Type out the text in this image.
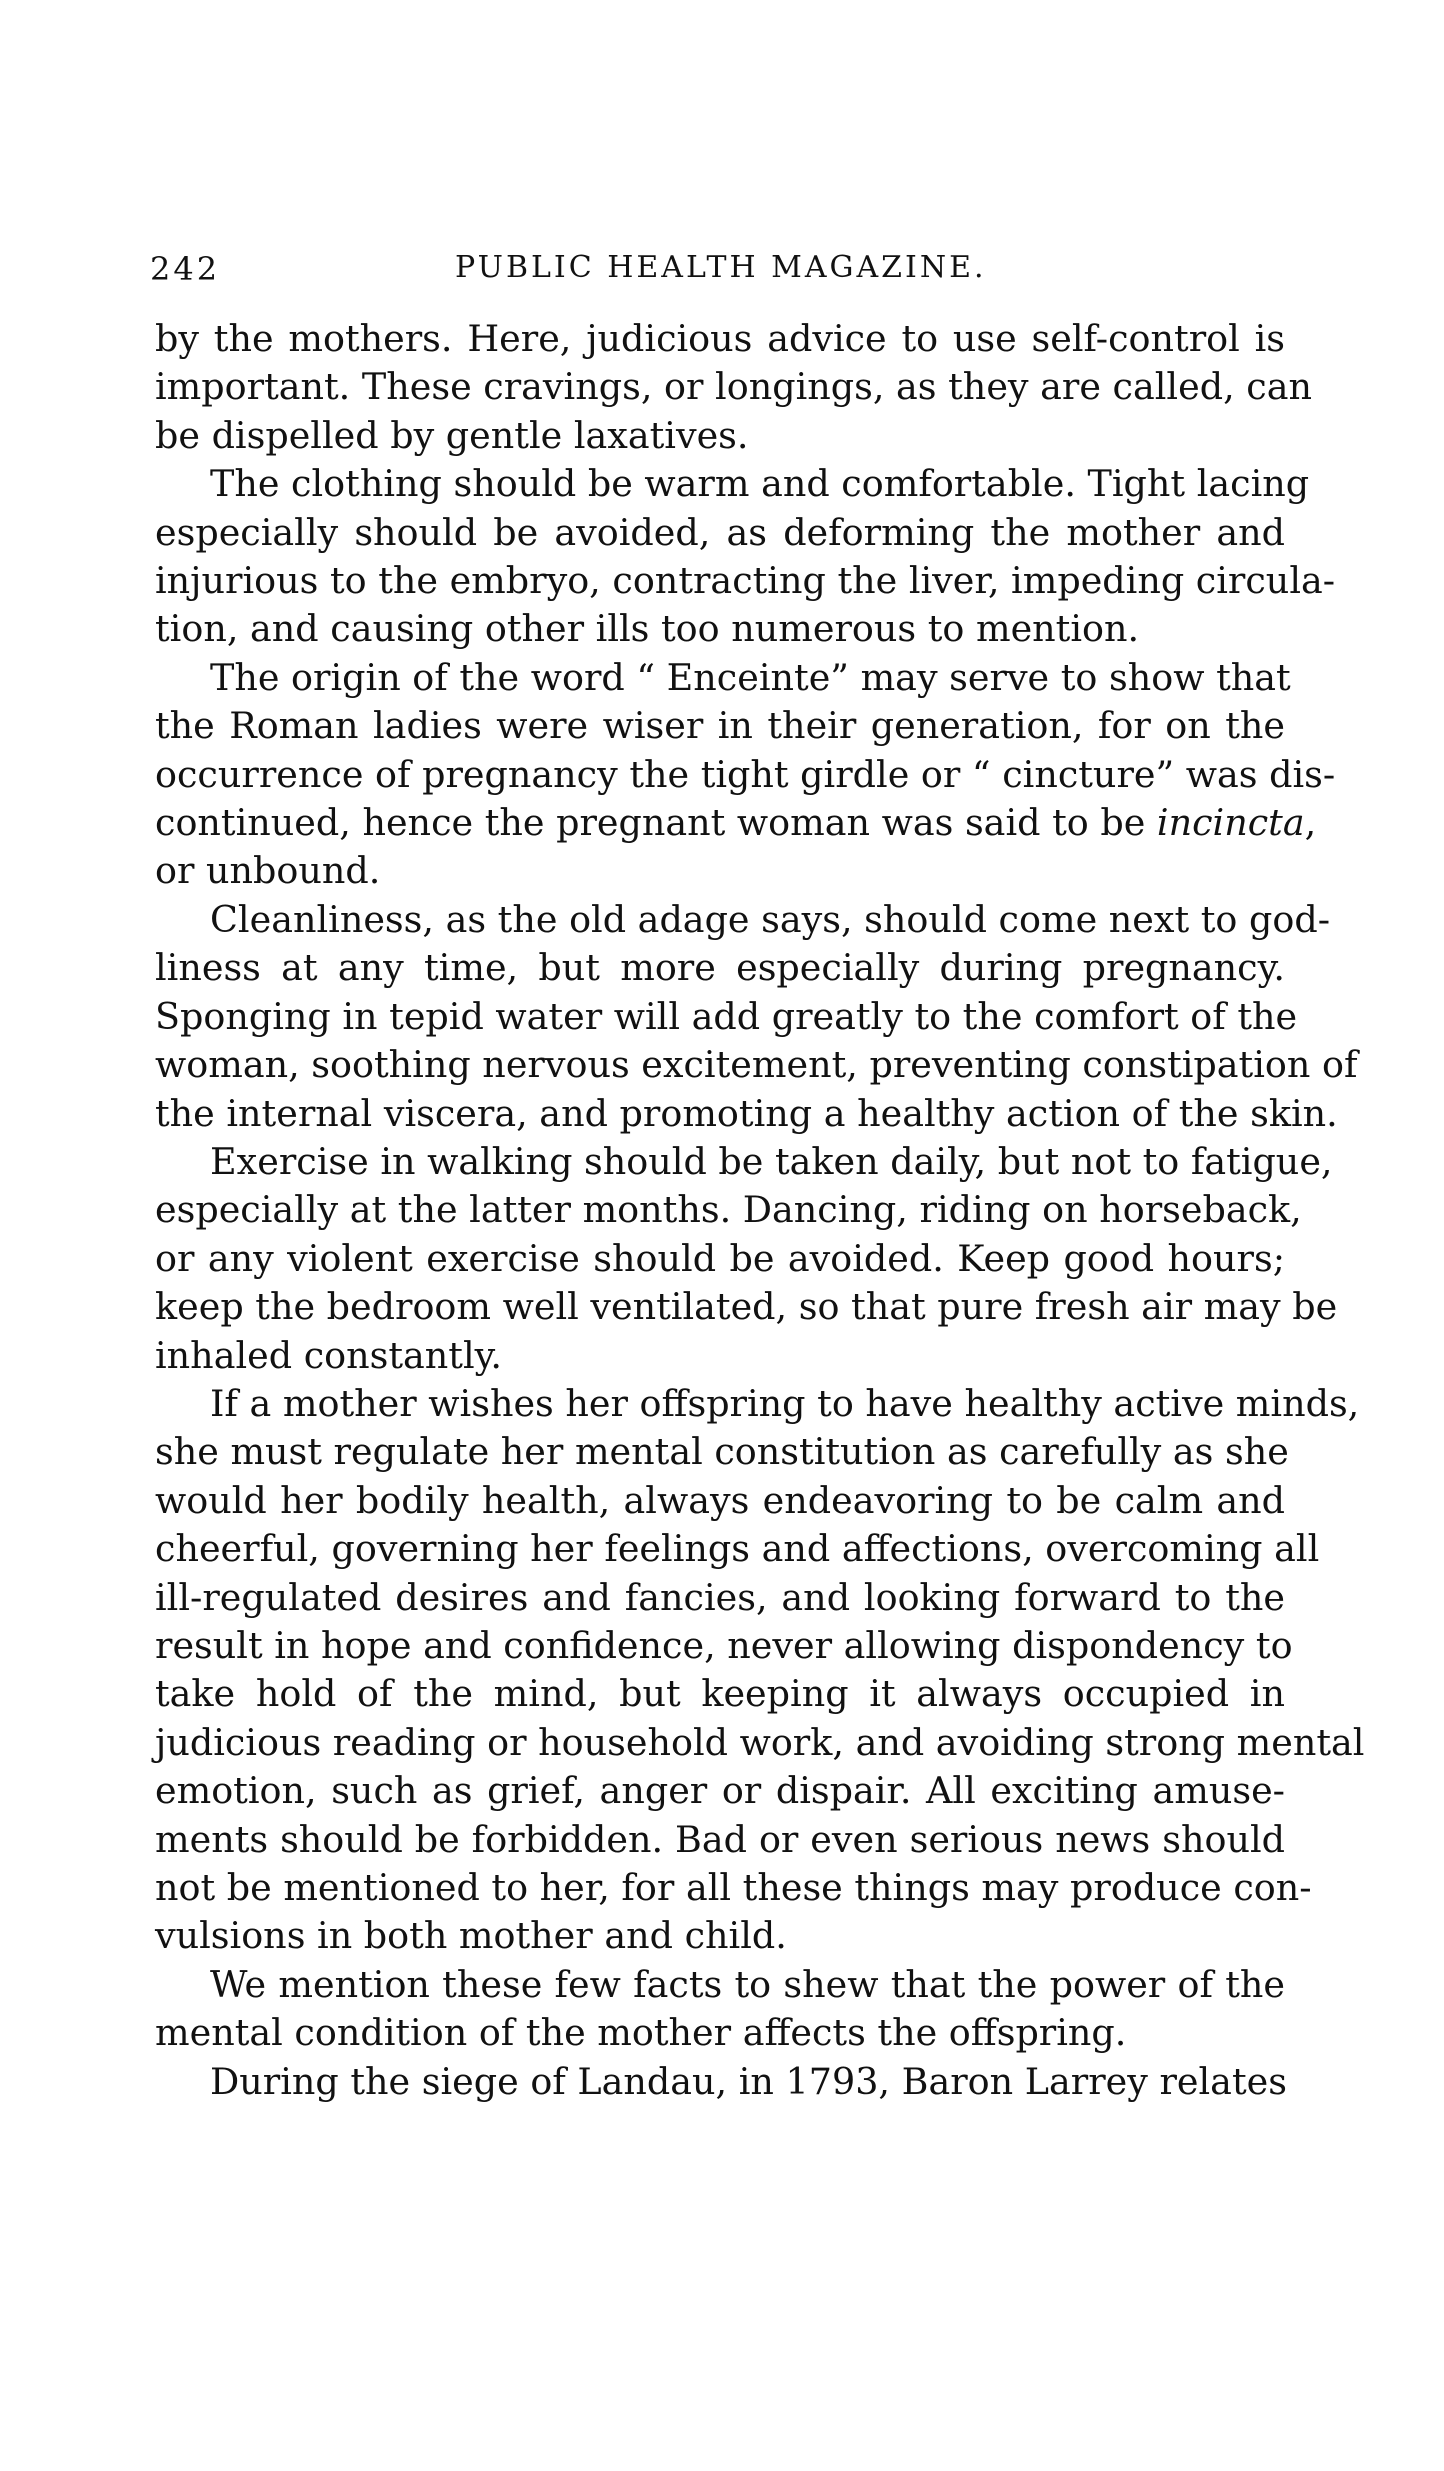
242	PUBLIC HEALTH MAGAZINE.
by the mothers. Here, judicious advice to use self-control is
important. These cravings, or longings, as they are called, can
be dispelled by gentle laxatives.
The clothing should be warm and comfortable. Tight lacing
especially should be avoided, as deforming the mother and
injurious to the embryo, contracting the liver, impeding circula-
tion, and causing other ills too numerous to mention.
The origin of the word “ Enceinte” may serve to show that
the Roman ladies were wiser in their generation, for on the
occurrence of pregnancy the tight girdle or “ cincture” was dis-
continued, hence the pregnant woman was said to be incincta,
or unbound.
Cleanliness, as the old adage says, should come next to god-
liness at any time, but more especially during pregnancy.
Sponging in tepid water will add greatly to the comfort of the
woman, soothing nervous excitement, preventing constipation of
the internal viscera, and promoting a healthy action of the skin.
Exercise in walking should be taken daily, but not to fatigue,
especially at the latter months. Dancing, riding on horseback,
or any violent exercise should be avoided. Keep good hours;
keep the bedroom well ventilated, so that pure fresh air may be
inhaled constantly.
If a mother wishes her offspring to have healthy active minds,
she must regulate her mental constitution as carefully as she
would her bodily health, always endeavoring to be calm and
cheerful, governing her feelings and affections, overcoming all
ill-regulated desires and fancies, and looking forward to the
result in hope and confidence, never allowing dispondency to
take hold of the mind, but keeping it always occupied in
judicious reading or household work, and avoiding strong mental
emotion, such as grief, anger or dispair. All exciting amuse-
ments should be forbidden. Bad or even serious news should
not be mentioned to her, for all these things may produce con-
vulsions in both mother and child.
We mention these few facts to shew that the power of the
mental condition of the mother affects the offspring.
During the siege of Landau, in 1793, Baron Larrey relates
